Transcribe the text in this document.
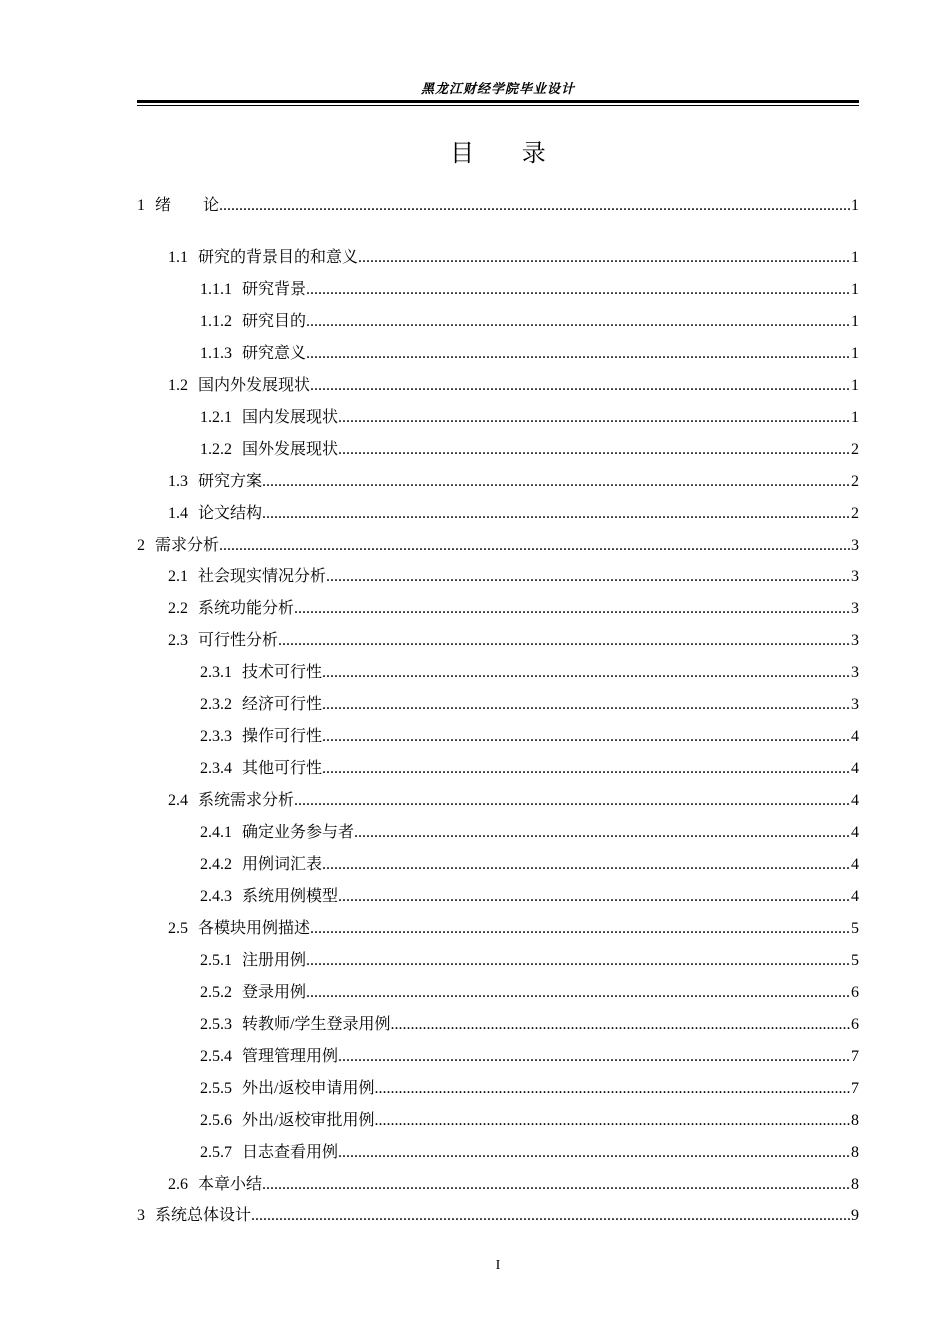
黑龙江财经学院毕业设计
目 录
1 绪　　论 .....	1
1.1 研究的背景目的和意义 .....	1
1.1.1 研究背景 .....	1
1.1.2 研究目的 .....	1
1.1.3 研究意义 .....	1
1.2 国内外发展现状 .....	1
1.2.1 国内发展现状 .....	1
1.2.2 国外发展现状 .....	2
1.3 研究方案 .....	2
1.4 论文结构 .....	2
2 需求分析 .....	3
2.1 社会现实情况分析 .....	3
2.2 系统功能分析 .....	3
2.3 可行性分析 .....	3
2.3.1 技术可行性 .....	3
2.3.2 经济可行性 .....	3
2.3.3 操作可行性 .....	4
2.3.4 其他可行性 .....	4
2.4 系统需求分析 .....	4
2.4.1 确定业务参与者 .....	4
2.4.2 用例词汇表 .....	4
2.4.3 系统用例模型 .....	4
2.5 各模块用例描述 .....	5
2.5.1 注册用例 .....	5
2.5.2 登录用例 .....	6
2.5.3 转教师/学生登录用例 .....	6
2.5.4 管理管理用例 .....	7
2.5.5 外出/返校申请用例 .....	7
2.5.6 外出/返校审批用例 .....	8
2.5.7 日志查看用例 .....	8
2.6 本章小结 .....	8
3 系统总体设计 .....	9
I
